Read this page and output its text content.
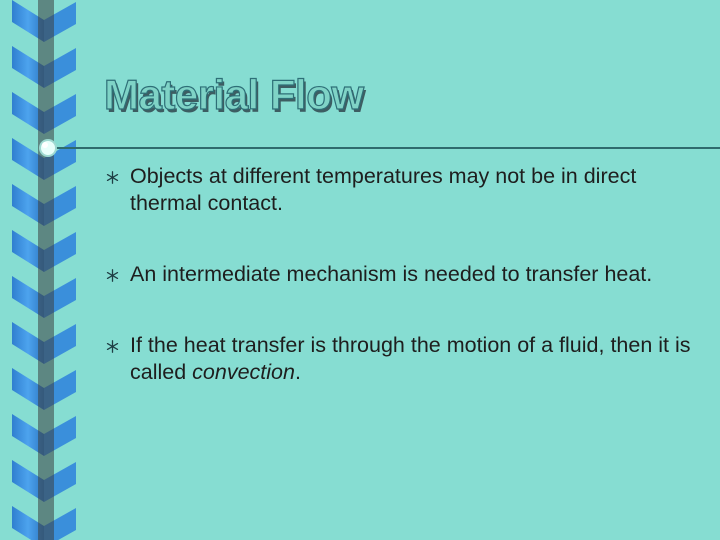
Material Flow
Objects at different temperatures may not be in direct thermal contact.
An intermediate mechanism is needed to transfer heat.
If the heat transfer is through the motion of a fluid, then it is called convection.
